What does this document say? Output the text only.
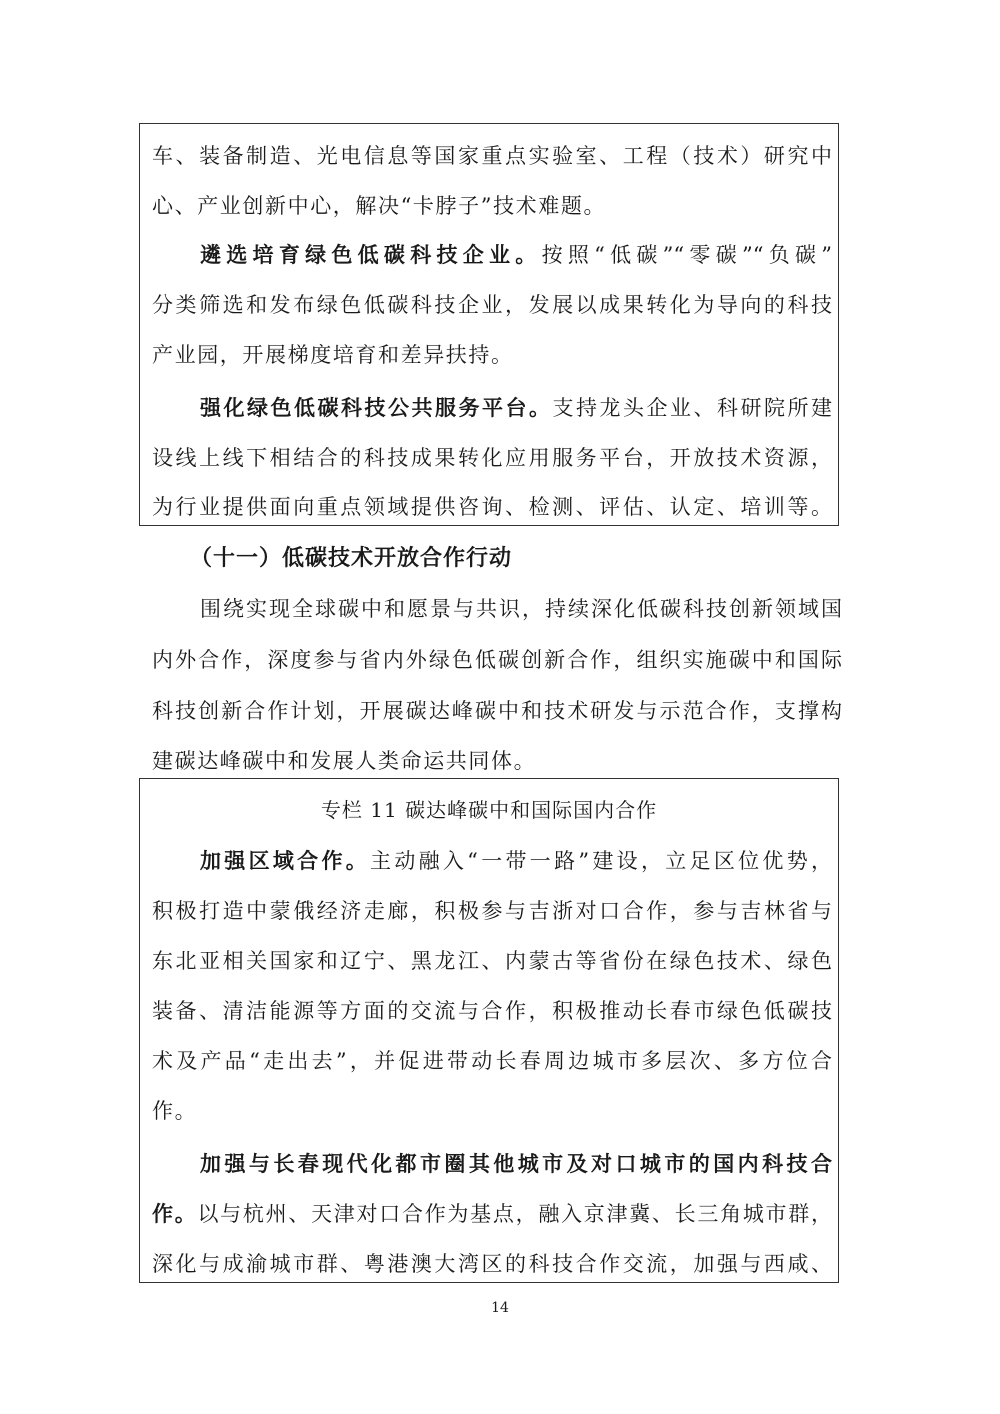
车、装备制造、光电信息等国家重点实验室、工程（技术）研究中
心、产业创新中心，解决“卡脖子”技术难题。
遴选培育绿色低碳科技企业。按照“低碳”“零碳”“负碳”
分类筛选和发布绿色低碳科技企业，发展以成果转化为导向的科技
产业园，开展梯度培育和差异扶持。
强化绿色低碳科技公共服务平台。支持龙头企业、科研院所建
设线上线下相结合的科技成果转化应用服务平台，开放技术资源，
为行业提供面向重点领域提供咨询、检测、评估、认定、培训等。
（十一）低碳技术开放合作行动
围绕实现全球碳中和愿景与共识，持续深化低碳科技创新领域国
内外合作，深度参与省内外绿色低碳创新合作，组织实施碳中和国际
科技创新合作计划，开展碳达峰碳中和技术研发与示范合作，支撑构
建碳达峰碳中和发展人类命运共同体。
专栏 11 碳达峰碳中和国际国内合作
加强区域合作。主动融入“一带一路”建设，立足区位优势，
积极打造中蒙俄经济走廊，积极参与吉浙对口合作，参与吉林省与
东北亚相关国家和辽宁、黑龙江、内蒙古等省份在绿色技术、绿色
装备、清洁能源等方面的交流与合作，积极推动长春市绿色低碳技
术及产品“走出去”，并促进带动长春周边城市多层次、多方位合
作。
加强与长春现代化都市圈其他城市及对口城市的国内科技合
作。以与杭州、天津对口合作为基点，融入京津冀、长三角城市群，
深化与成渝城市群、粤港澳大湾区的科技合作交流，加强与西咸、
14
